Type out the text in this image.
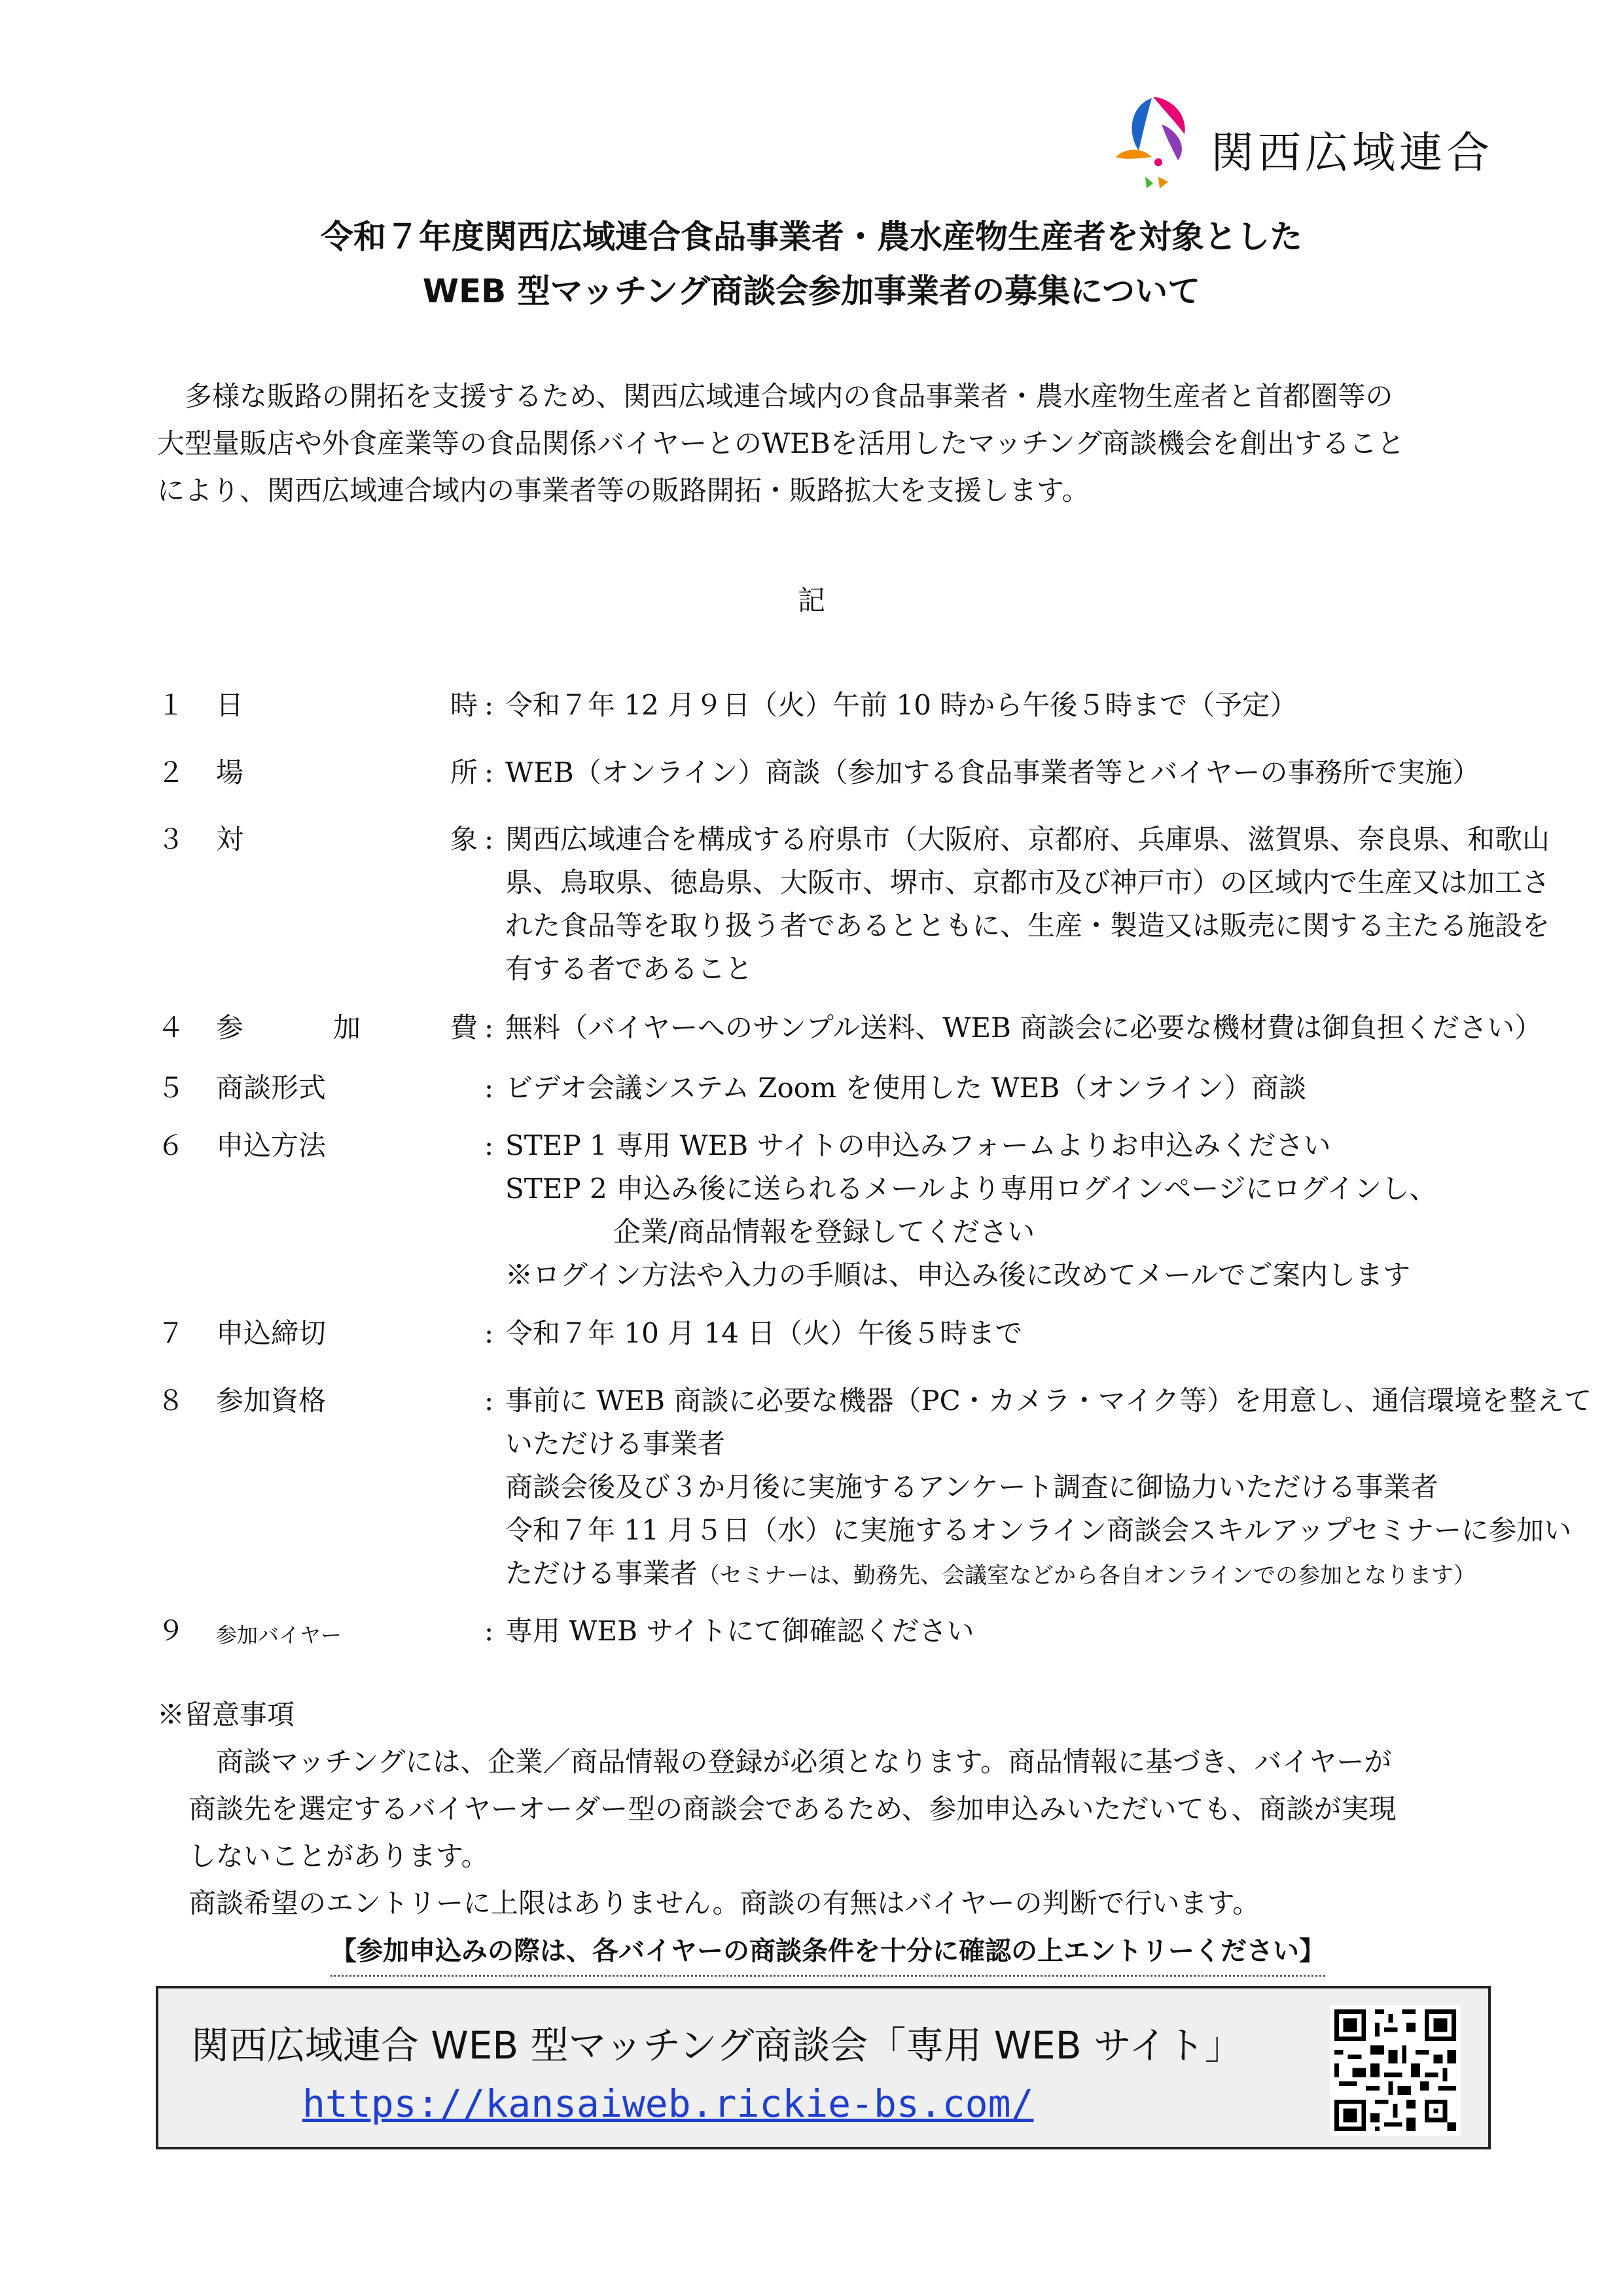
関西広域連合
令和７年度関西広域連合食品事業者・農水産物生産者を対象とした
WEB 型マッチング商談会参加事業者の募集について

多様な販路の開拓を支援するため、関西広域連合域内の食品事業者・農水産物生産者と首都圏等の

大型量販店や外食産業等の食品関係バイヤーとのWEBを活用したマッチング商談機会を創出すること

により、関西広域連合域内の事業者等の販路開拓・販路拡大を支援します。

記
１	日	時 : 令和７年 12 月９日（火）午前 10 時から午後５時まで（予定）
２	場	所 : WEB（オンライン）商談（参加する食品事業者等とバイヤーの事務所で実施）
３	対	象 : 関西広域連合を構成する府県市（大阪府、京都府、兵庫県、滋賀県、奈良県、和歌山
県、鳥取県、徳島県、大阪市、堺市、京都市及び神戸市）の区域内で生産又は加工さ
れた食品等を取り扱う者であるとともに、生産・製造又は販売に関する主たる施設を
有する者であること
４	参	加	費 : 無料（バイヤーへのサンプル送料、WEB 商談会に必要な機材費は御負担ください）
５	商談形式	: ビデオ会議システム Zoom を使用した WEB（オンライン）商談
６	申込方法	: STEP 1 専用 WEB サイトの申込みフォームよりお申込みください
STEP 2 申込み後に送られるメールより専用ログインページにログインし、
企業/商品情報を登録してください
※ログイン方法や入力の手順は、申込み後に改めてメールでご案内します
７	申込締切	: 令和７年 10 月 14 日（火）午後５時まで
８	参加資格	: 事前に WEB 商談に必要な機器（PC・カメラ・マイク等）を用意し、通信環境を整えて
いただける事業者
商談会後及び３か月後に実施するアンケート調査に御協力いただける事業者
令和７年 11 月５日（水）に実施するオンライン商談会スキルアップセミナーに参加い
ただける事業者（セミナーは、勤務先、会議室などから各自オンラインでの参加となります）
９	参加バイヤー	: 専用 WEB サイトにて御確認ください

※留意事項

商談マッチングには、企業／商品情報の登録が必須となります。商品情報に基づき、バイヤーが

商談先を選定するバイヤーオーダー型の商談会であるため、参加申込みいただいても、商談が実現

しないことがあります。

商談希望のエントリーに上限はありません。商談の有無はバイヤーの判断で行います。

【参加申込みの際は、各バイヤーの商談条件を十分に確認の上エントリーください】

関西広域連合 WEB 型マッチング商談会「専用 WEB サイト」
https://kansaiweb.rickie-bs.com/
